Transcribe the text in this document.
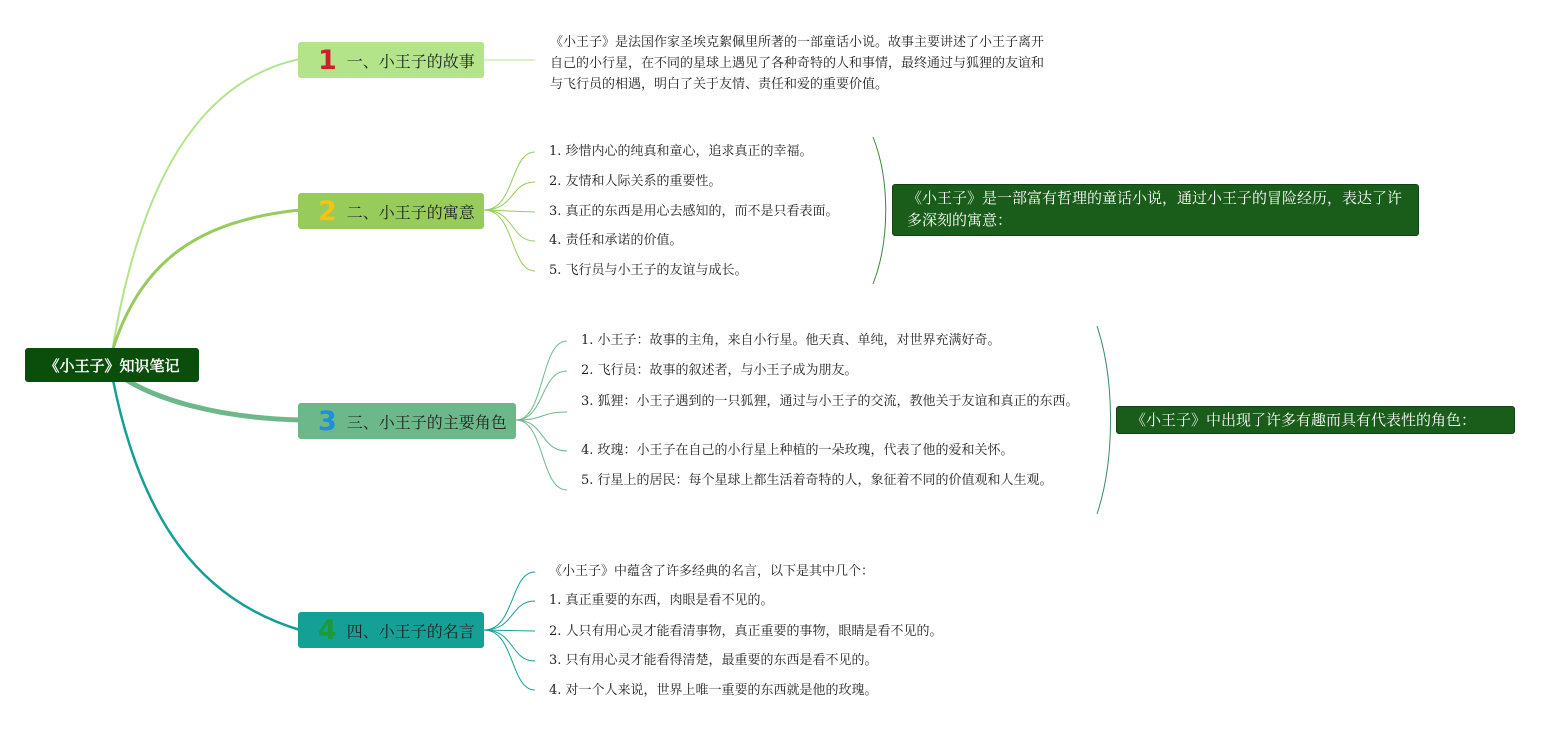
《小王子》知识笔记
1 一、小王子的故事
2 二、小王子的寓意
3 三、小王子的主要角色
4 四、小王子的名言
《小王子》是法国作家圣埃克絮佩里所著的一部童话小说。故事主要讲述了小王子离开自己的小行星，在不同的星球上遇见了各种奇特的人和事情，最终通过与狐狸的友谊和与飞行员的相遇，明白了关于友情、责任和爱的重要价值。
1. 珍惜内心的纯真和童心，追求真正的幸福。
2. 友情和人际关系的重要性。
3. 真正的东西是用心去感知的，而不是只看表面。
4. 责任和承诺的价值。
5. 飞行员与小王子的友谊与成长。
《小王子》是一部富有哲理的童话小说，通过小王子的冒险经历，表达了许多深刻的寓意：
1. 小王子：故事的主角，来自小行星。他天真、单纯，对世界充满好奇。
2. 飞行员：故事的叙述者，与小王子成为朋友。
3. 狐狸：小王子遇到的一只狐狸，通过与小王子的交流，教他关于友谊和真正的东西。
4. 玫瑰：小王子在自己的小行星上种植的一朵玫瑰，代表了他的爱和关怀。
5. 行星上的居民：每个星球上都生活着奇特的人，象征着不同的价值观和人生观。
《小王子》中出现了许多有趣而具有代表性的角色：
《小王子》中蕴含了许多经典的名言，以下是其中几个：
1. 真正重要的东西，肉眼是看不见的。
2. 人只有用心灵才能看清事物，真正重要的事物，眼睛是看不见的。
3. 只有用心灵才能看得清楚，最重要的东西是看不见的。
4. 对一个人来说，世界上唯一重要的东西就是他的玫瑰。
